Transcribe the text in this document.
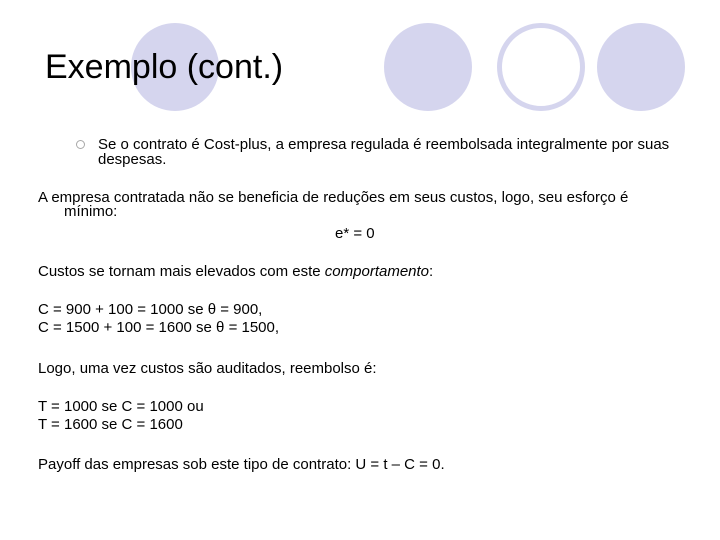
Exemplo (cont.)
Se o contrato é Cost-plus, a empresa regulada é reembolsada integralmente por suas despesas.

A empresa contratada não se beneficia de reduções em seus custos, logo, seu esforço é
mínimo:

e* = 0

Custos se tornam mais elevados com este comportamento:

C = 900 + 100 = 1000 se θ = 900,

C = 1500 + 100 = 1600 se θ = 1500,

Logo, uma vez custos são auditados, reembolso é:

T = 1000 se C = 1000 ou

T = 1600 se C = 1600

Payoff das empresas sob este tipo de contrato: U = t – C = 0.
